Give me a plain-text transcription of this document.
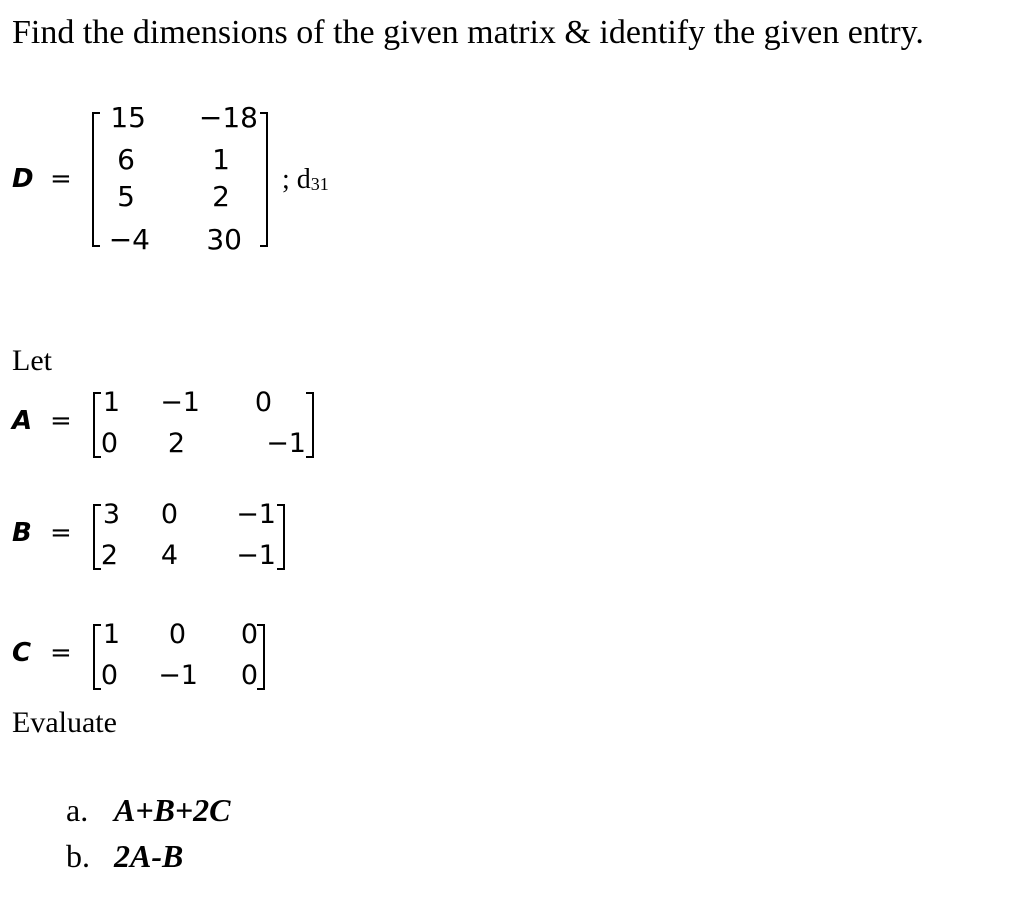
Find the dimensions of the given matrix & identify the given entry.
D =
15 −18
6	1
5	2
−4 30
; $d_{31}$
Let
A =
1 −1 0
0 2	−1
B =
3 0 −1
2 4 −1
C =
1 0 0
0 −1 0
Evaluate
a. A+B+2C
b. 2A-B
